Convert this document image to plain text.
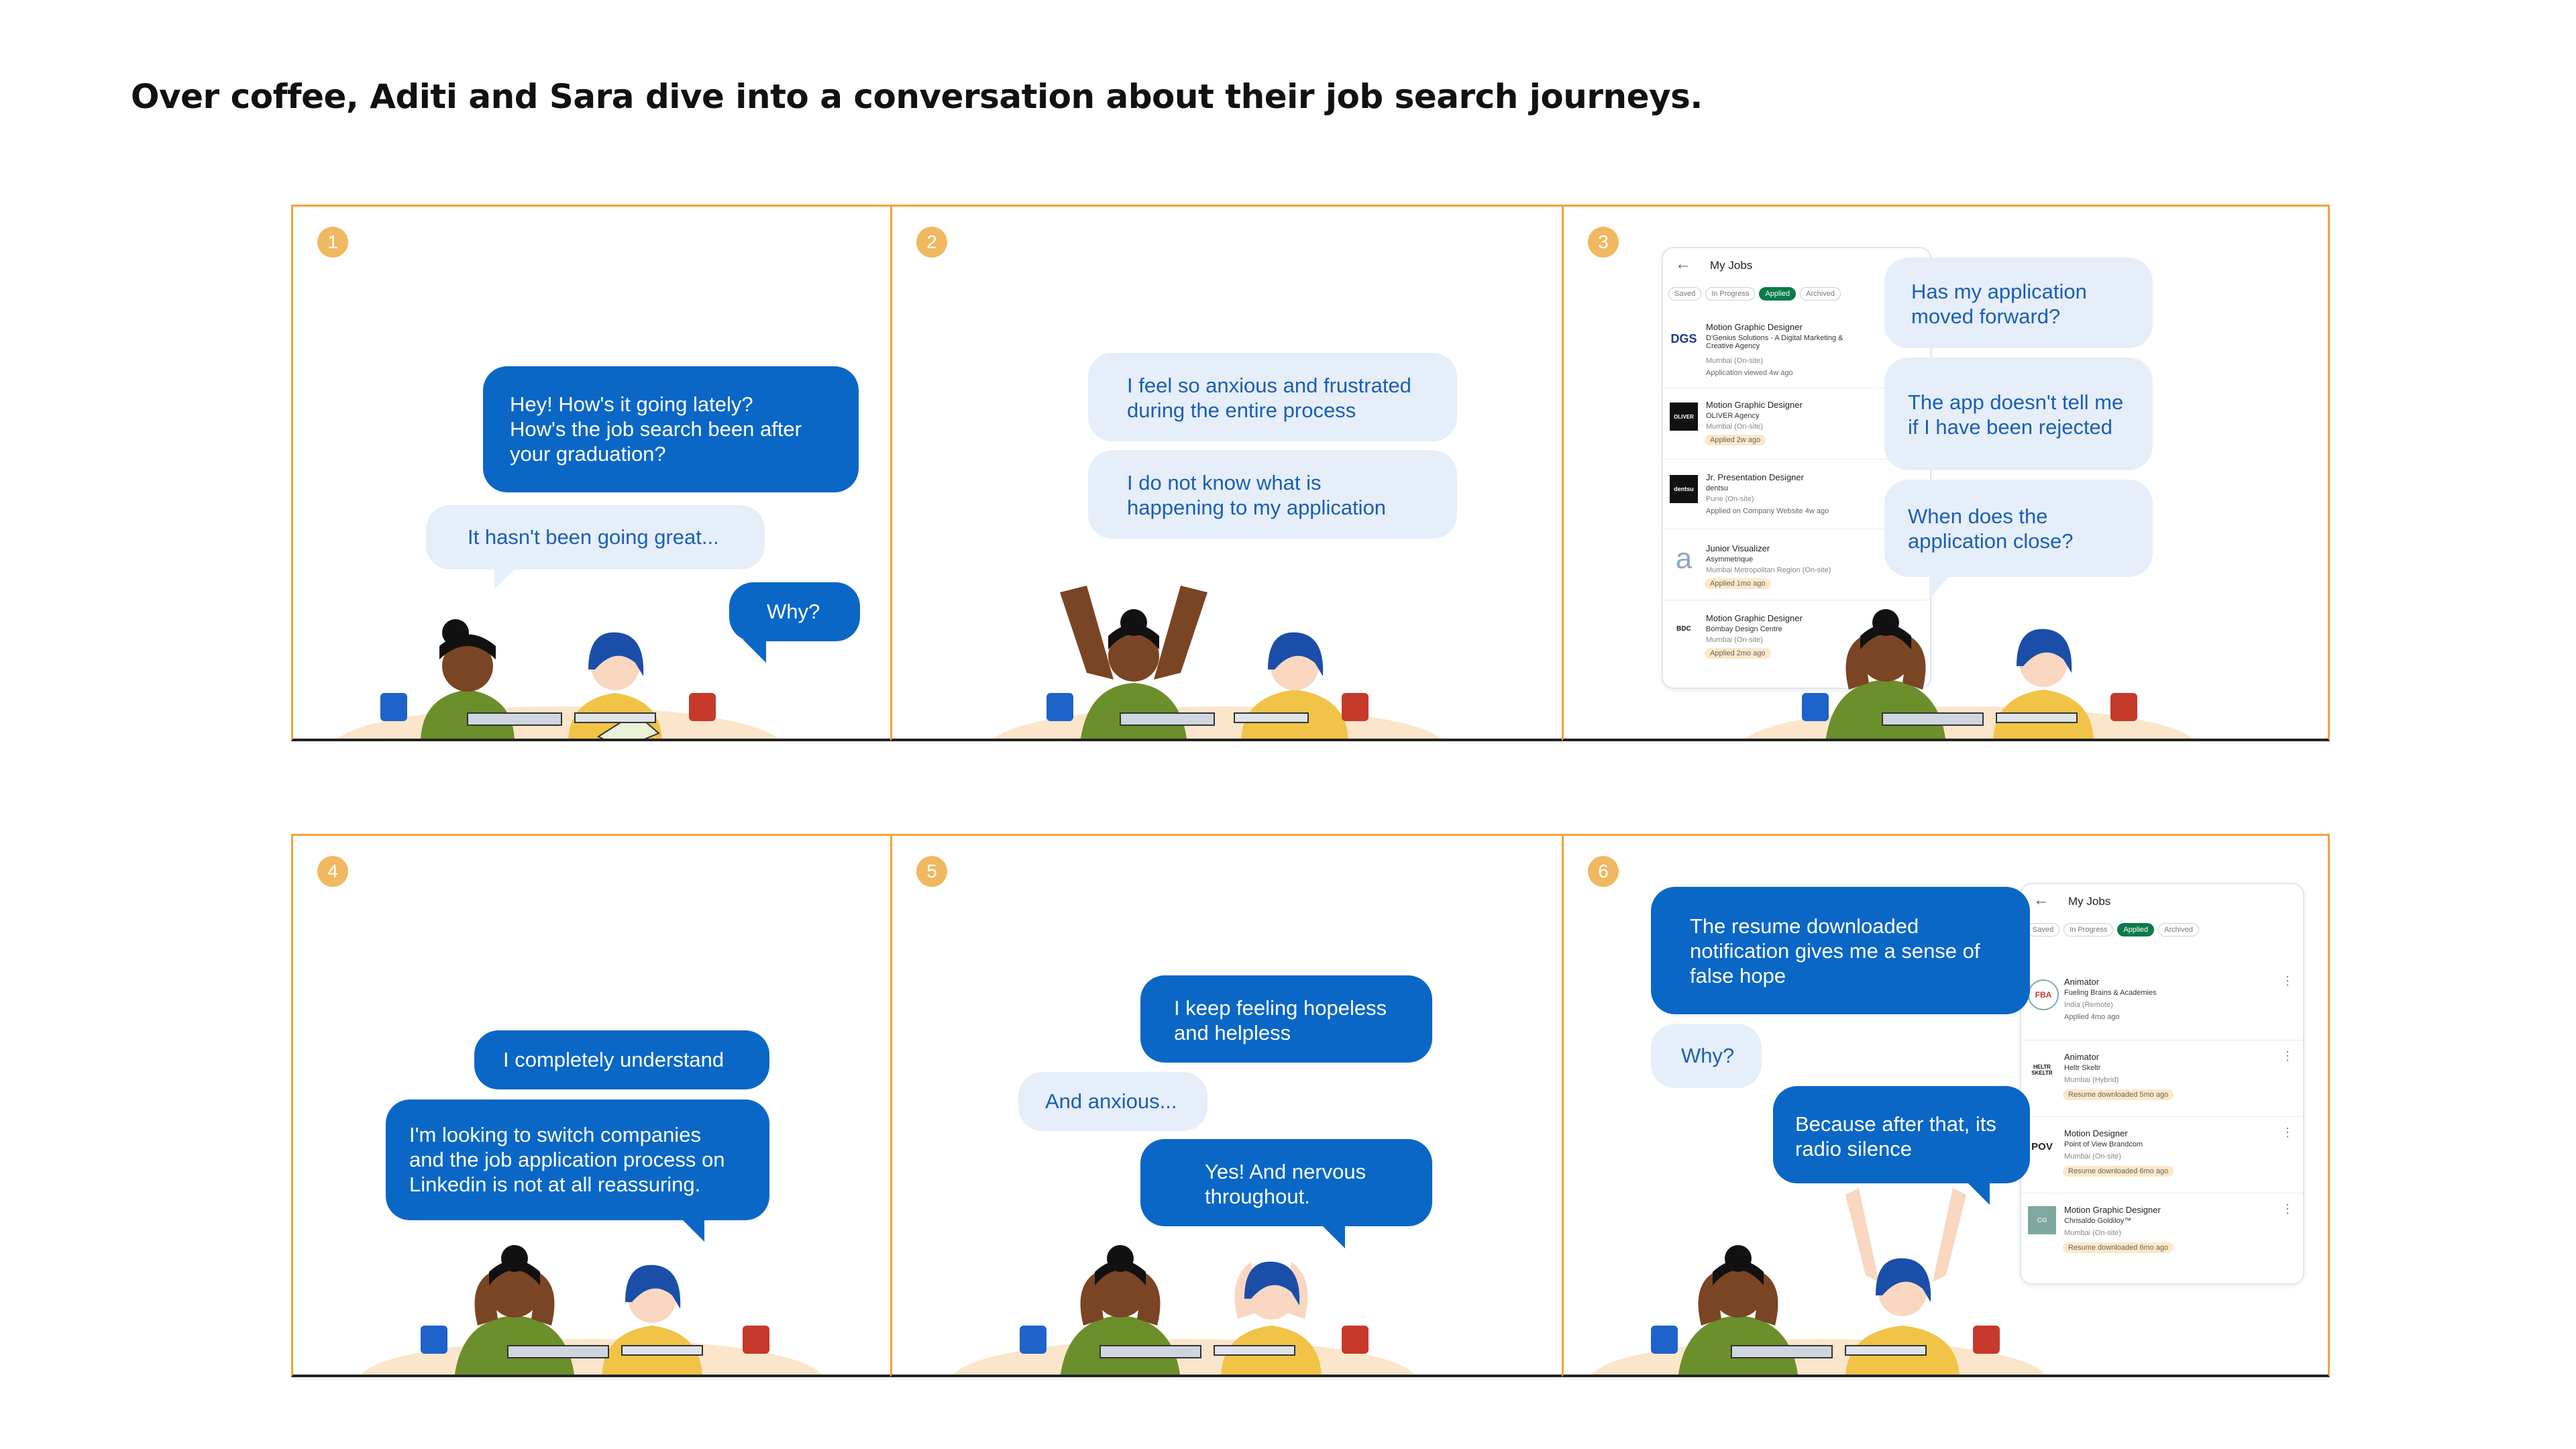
Over coffee, Aditi and Sara dive into a conversation about their job search journeys.
1

Hey! How's it going lately?
How's the job search been after
your graduation?

It hasn't been going great...

Why?

2

I feel so anxious and frustrated
during the entire process

I do not know what is
happening to my application

3
← My Jobs
Saved	In Progress	Applied	Archived
DGS
Motion Graphic Designer
D'Genius Solutions - A Digital Marketing &
Creative Agency
Mumbai (On-site)
Application viewed 4w ago
OLIVER
Motion Graphic Designer
OLIVER Agency
Mumbai (On-site)
Applied 2w ago
dentsu
Jr. Presentation Designer
dentsu
Pune (On-site)
Applied on Company Website 4w ago
a	Junior Visualizer
Asymmetrique
Mumbai Metropolitan Region (On-site)
Applied 1mo ago
BDC
Motion Graphic Designer
Bombay Design Centre
Mumbai (On-site)
Applied 2mo ago

Has my application
moved forward?

The app doesn't tell me
if I have been rejected

When does the
application close?

4

I completely understand

I'm looking to switch companies
and the job application process on
Linkedin is not at all reassuring.

5

I keep feeling hopeless
and helpless

And anxious...

Yes! And nervous
throughout.

6
← My Jobs
Saved	In Progress	Applied	Archived
FBA
Animator
Fueling Brains & Academies
India (Remote)
Applied 4mo ago
⋮
HELTR SKELTR
Animator
Heltr Skeltr
Mumbai (Hybrid)
Resume downloaded 5mo ago
⋮
POV
Motion Designer
Point of View Brandcom
Mumbai (On-site)
Resume downloaded 6mo ago
⋮
CG
Motion Graphic Designer
Chrisaldo Goldiloy™
Mumbai (On-site)
Resume downloaded 6mo ago
⋮

The resume downloaded
notification gives me a sense of
false hope

Why?

Because after that, its
radio silence
